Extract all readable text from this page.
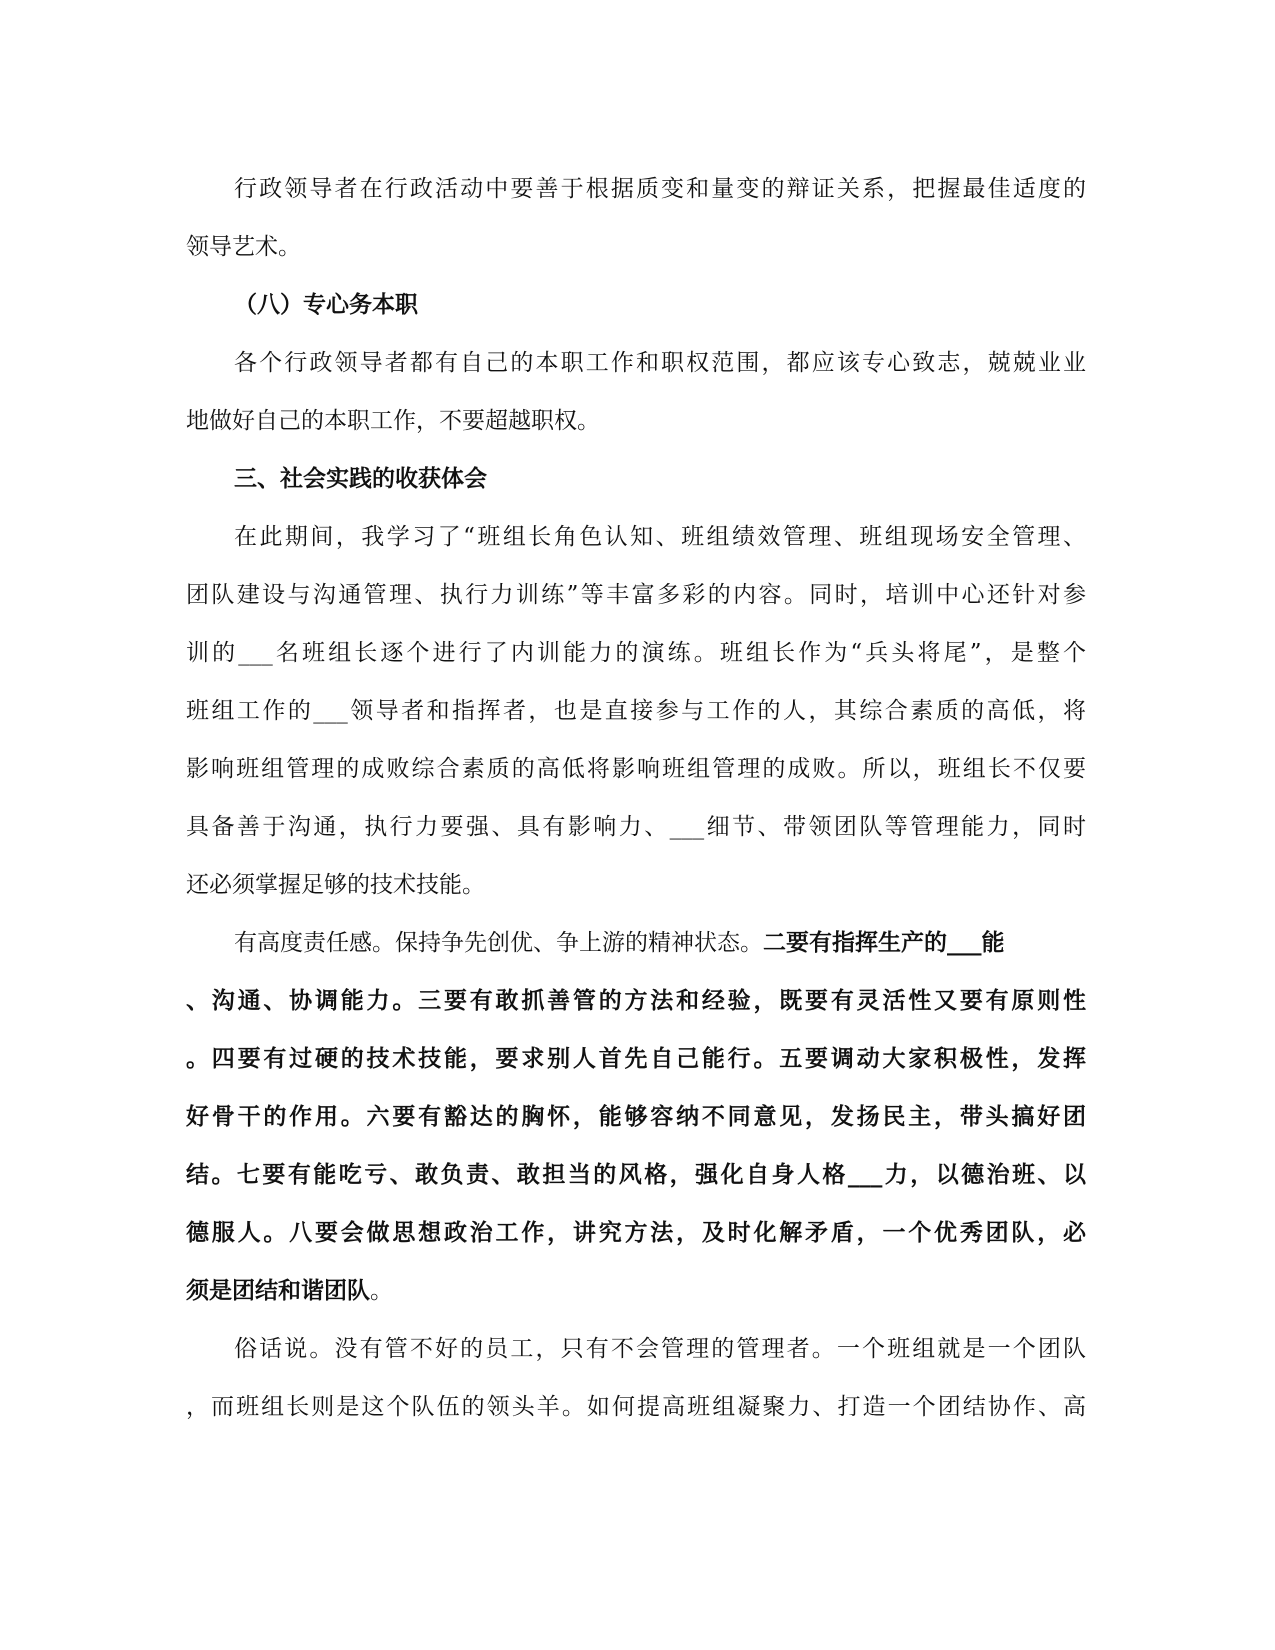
行政领导者在行政活动中要善于根据质变和量变的辩证关系，把握最佳适度的
领导艺术。
（八）专心务本职
各个行政领导者都有自己的本职工作和职权范围，都应该专心致志，兢兢业业
地做好自己的本职工作，不要超越职权。
三、社会实践的收获体会
在此期间，我学习了“班组长角色认知、班组绩效管理、班组现场安全管理、
团队建设与沟通管理、执行力训练”等丰富多彩的内容。同时，培训中心还针对参
训的___名班组长逐个进行了内训能力的演练。班组长作为“兵头将尾”，是整个
班组工作的___领导者和指挥者，也是直接参与工作的人，其综合素质的高低，将
影响班组管理的成败综合素质的高低将影响班组管理的成败。所以，班组长不仅要
具备善于沟通，执行力要强、具有影响力、___细节、带领团队等管理能力，同时
还必须掌握足够的技术技能。
有高度责任感。保持争先创优、争上游的精神状态。 二要有指挥生产的___能
、沟通、协调能力。三要有敢抓善管的方法和经验，既要有灵活性又要有原则性
。四要有过硬的技术技能，要求别人首先自己能行。五要调动大家积极性，发挥
好骨干的作用。六要有豁达的胸怀，能够容纳不同意见，发扬民主，带头搞好团
结。七要有能吃亏、敢负责、敢担当的风格，强化自身人格___力，以德治班、以
德服人。八要会做思想政治工作，讲究方法，及时化解矛盾，一个优秀团队，必
须是团结和谐团队 。
俗话说。没有管不好的员工，只有不会管理的管理者。一个班组就是一个团队
，而班组长则是这个队伍的领头羊。如何提高班组凝聚力、打造一个团结协作、高
